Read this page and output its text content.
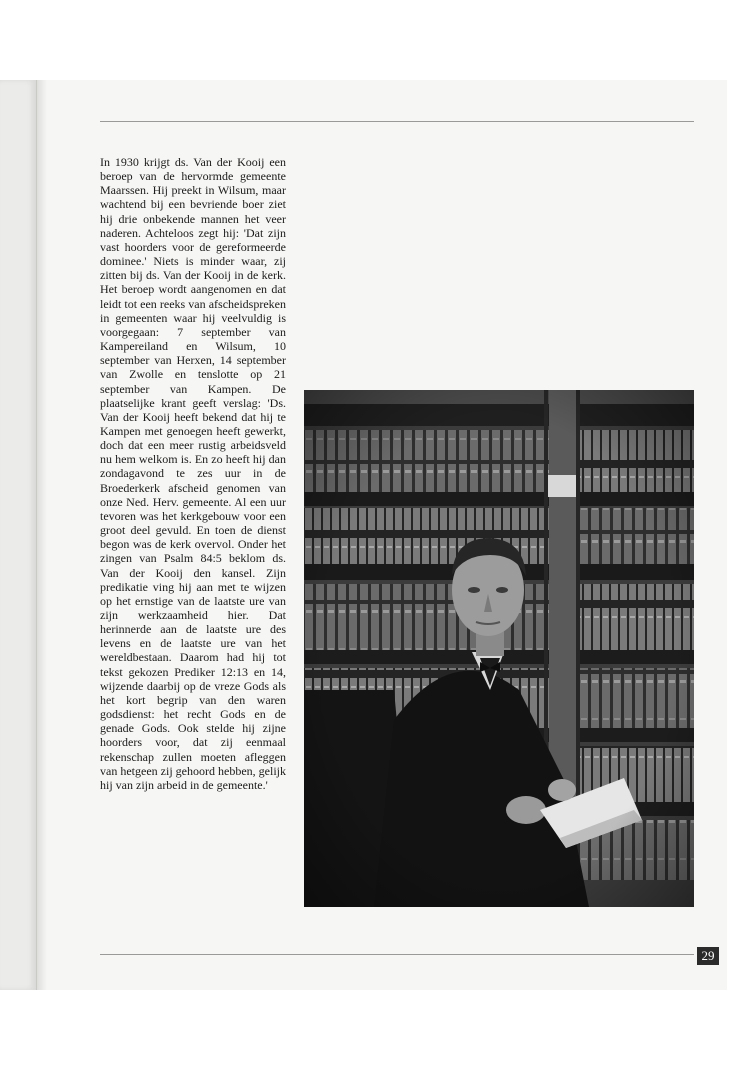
In 1930 krijgt ds. Van der Kooij een beroep van de hervormde gemeente Maarssen. Hij preekt in Wilsum, maar wachtend bij een bevriende boer ziet hij drie onbekende mannen het veer naderen. Achteloos zegt hij: 'Dat zijn vast hoorders voor de gereformeerde dominee.' Niets is minder waar, zij zitten bij ds. Van der Kooij in de kerk. Het beroep wordt aangenomen en dat leidt tot een reeks van afscheidspreken in gemeenten waar hij veelvuldig is voorgegaan: 7 september van Kampereiland en Wilsum, 10 september van Herxen, 14 september van Zwolle en tenslotte op 21 september van Kampen. De plaatselijke krant geeft verslag: 'Ds. Van der Kooij heeft bekend dat hij te Kampen met genoegen heeft gewerkt, doch dat een meer rustig arbeidsveld nu hem welkom is. En zo heeft hij dan zondagavond te zes uur in de Broederkerk afscheid genomen van onze Ned. Herv. gemeente. Al een uur tevoren was het kerkgebouw voor een groot deel gevuld. En toen de dienst begon was de kerk overvol. Onder het zingen van Psalm 84:5 beklom ds. Van der Kooij den kansel. Zijn predikatie ving hij aan met te wijzen op het ernstige van de laatste ure van zijn werkzaamheid hier. Dat herinnerde aan de laatste ure des levens en de laatste ure van het wereldbestaan. Daarom had hij tot tekst gekozen Prediker 12:13 en 14, wijzende daarbij op de vreze Gods als het kort begrip van den waren godsdienst: het recht Gods en de genade Gods. Ook stelde hij zijne hoorders voor, dat zij eenmaal rekenschap zullen moeten afleggen van hetgeen zij gehoord hebben, gelijk hij van zijn arbeid in de gemeente.'

29
